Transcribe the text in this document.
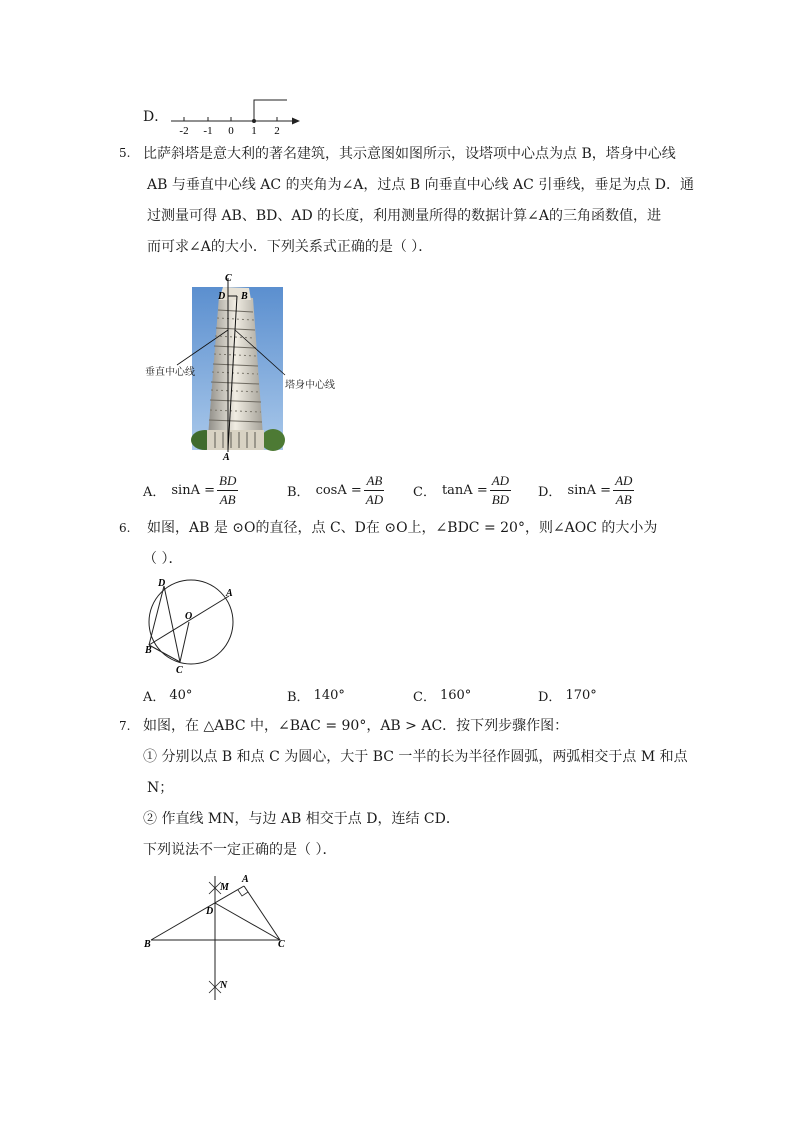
D．
-2 -1 0 1 2
5. 比萨斜塔是意大利的著名建筑，其示意图如图所示，设塔项中心点为点 B，塔身中心线
AB 与垂直中心线 AC 的夹角为∠A，过点 B 向垂直中心线 AC 引垂线，垂足为点 D．通
过测量可得 AB、BD、AD 的长度，利用测量所得的数据计算∠A的三角函数值，进
而可求∠A的大小．下列关系式正确的是（ ）．
C
D B
A
垂直中心线
塔身中心线
A． $\sin A = \frac{BD}{AB}$	B． $\cos A = \frac{AB}{AD}$ C． $\tan A = \frac{AD}{BD}$ D． $\sin A = \frac{AD}{AB}$
6. 如图，AB 是 ⊙O的直径，点 C、D在 ⊙O上，∠BDC = 20°，则∠AOC 的大小为
（ ）．
D
A
O
B
C
A． 40°	B． 140°	C． 160°	D． 170°
7. 如图，在 △ABC 中，∠BAC = 90°，AB > AC．按下列步骤作图：
① 分别以点 B 和点 C 为圆心，大于 BC 一半的长为半径作圆弧，两弧相交于点 M 和点
N；
② 作直线 MN，与边 AB 相交于点 D，连结 CD．
下列说法不一定正确的是（ ）．
M
A
D
B	C
N
